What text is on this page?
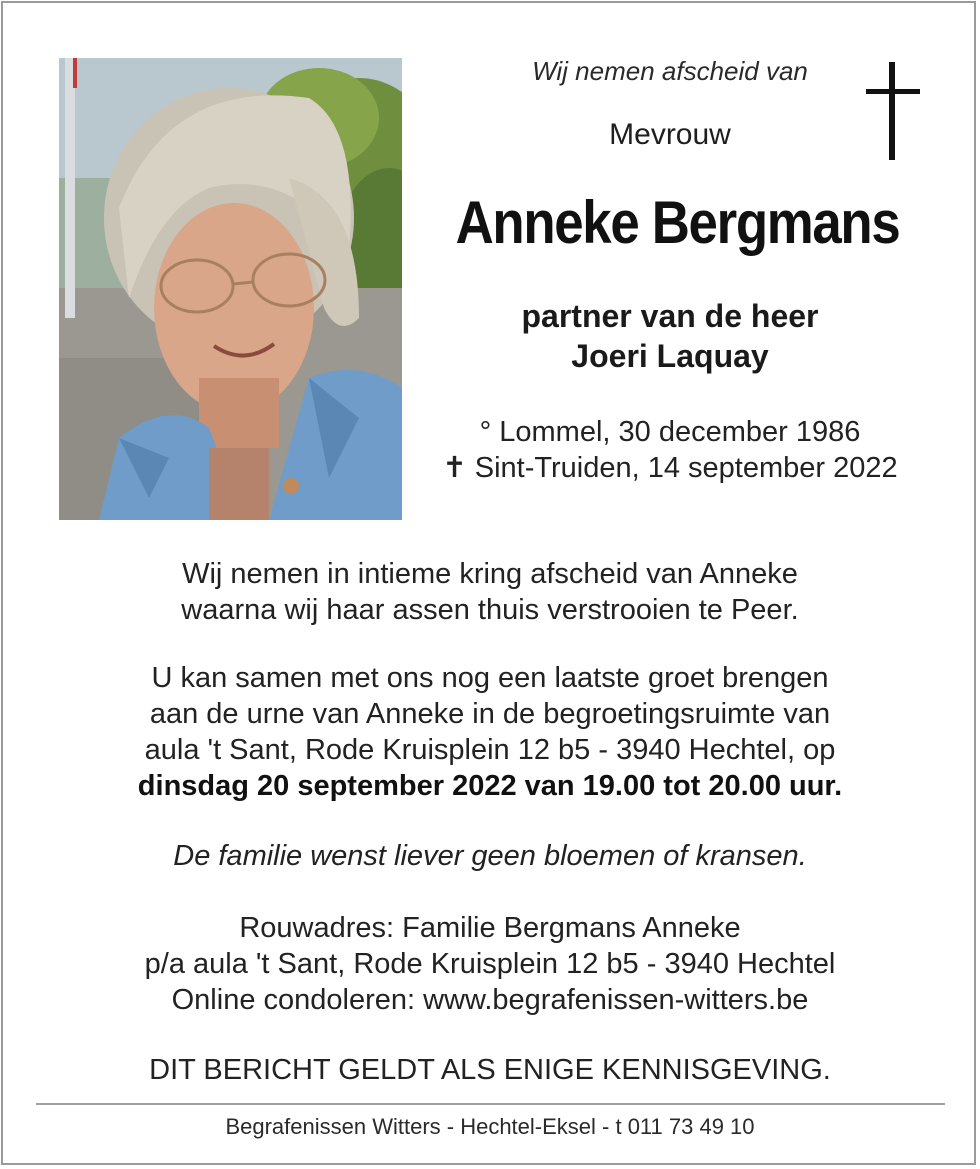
Wij nemen afscheid van
Mevrouw
Anneke Bergmans
partner van de heer
Joeri Laquay
° Lommel, 30 december 1986
✝ Sint-Truiden, 14 september 2022
Wij nemen in intieme kring afscheid van Anneke
waarna wij haar assen thuis verstrooien te Peer.
U kan samen met ons nog een laatste groet brengen
aan de urne van Anneke in de begroetingsruimte van
aula 't Sant, Rode Kruisplein 12 b5 - 3940 Hechtel, op
dinsdag 20 september 2022 van 19.00 tot 20.00 uur.
De familie wenst liever geen bloemen of kransen.
Rouwadres: Familie Bergmans Anneke
p/a aula 't Sant, Rode Kruisplein 12 b5 - 3940 Hechtel
Online condoleren: www.begrafenissen-witters.be
DIT BERICHT GELDT ALS ENIGE KENNISGEVING.
Begrafenissen Witters - Hechtel-Eksel - t 011 73 49 10
